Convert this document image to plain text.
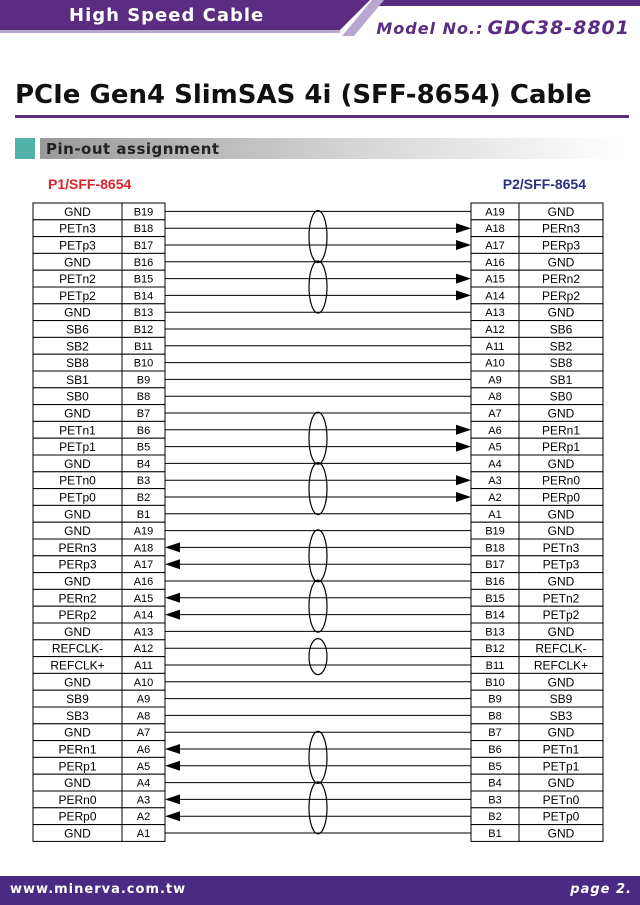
High Speed Cable
Model No.: GDC38-8801
PCIe Gen4 SlimSAS 4i (SFF-8654) Cable
Pin-out assignment
P1/SFF-8654	P2/SFF-8654
GND	B19
PETn3	B18
PETp3	B17
GND	B16
PETn2	B15
PETp2	B14
GND	B13
SB6	B12
SB2	B11
SB8	B10
SB1	B9
SB0	B8
GND	B7
PETn1	B6
PETp1	B5
GND	B4
PETn0	B3
PETp0	B2
GND	B1
GND	A19
PERn3	A18
PERp3	A17
GND	A16
PERn2	A15
PERp2	A14
GND	A13
REFCLK-	A12
REFCLK+	A11
GND	A10
SB9	A9
SB3	A8
GND	A7
PERn1	A6
PERp1	A5
GND	A4
PERn0	A3
PERp0	A2
GND	A1
A19	GND
A18	PERn3
A17	PERp3
A16	GND
A15	PERn2
A14	PERp2
A13	GND
A12	SB6
A11	SB2
A10	SB8
A9	SB1
A8	SB0
A7	GND
A6	PERn1
A5	PERp1
A4	GND
A3	PERn0
A2	PERp0
A1	GND
B19	GND
B18	PETn3
B17	PETp3
B16	GND
B15	PETn2
B14	PETp2
B13	GND
B12	REFCLK-
B11 REFCLK+
B10	GND
B9	SB9
B8	SB3
B7	GND
B6	PETn1
B5	PETp1
B4	GND
B3	PETn0
B2	PETp0
B1	GND
www.minerva.com.tw	page 2.
